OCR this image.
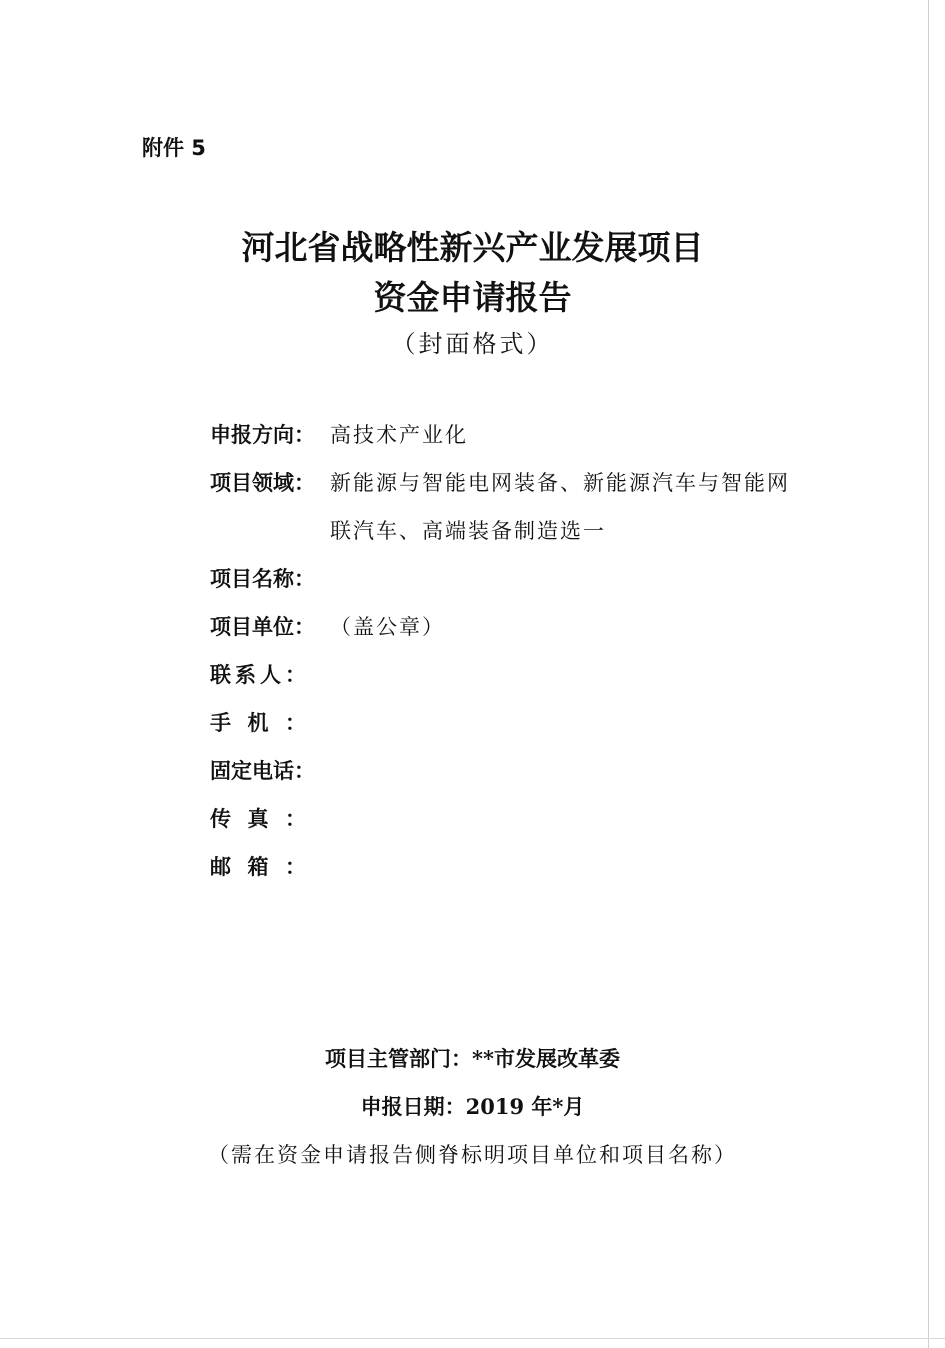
附件 5
河北省战略性新兴产业发展项目
资金申请报告
（封面格式）
申报方向： 高技术产业化
项目领域： 新能源与智能电网装备、新能源汽车与智能网
联汽车、高端装备制造选一
项目名称：
项目单位： （盖公章）
联系人：
手机：
固定电话：
传真：
邮箱：
项目主管部门：**市发展改革委
申报日期：2019 年*月
（需在资金申请报告侧脊标明项目单位和项目名称）
